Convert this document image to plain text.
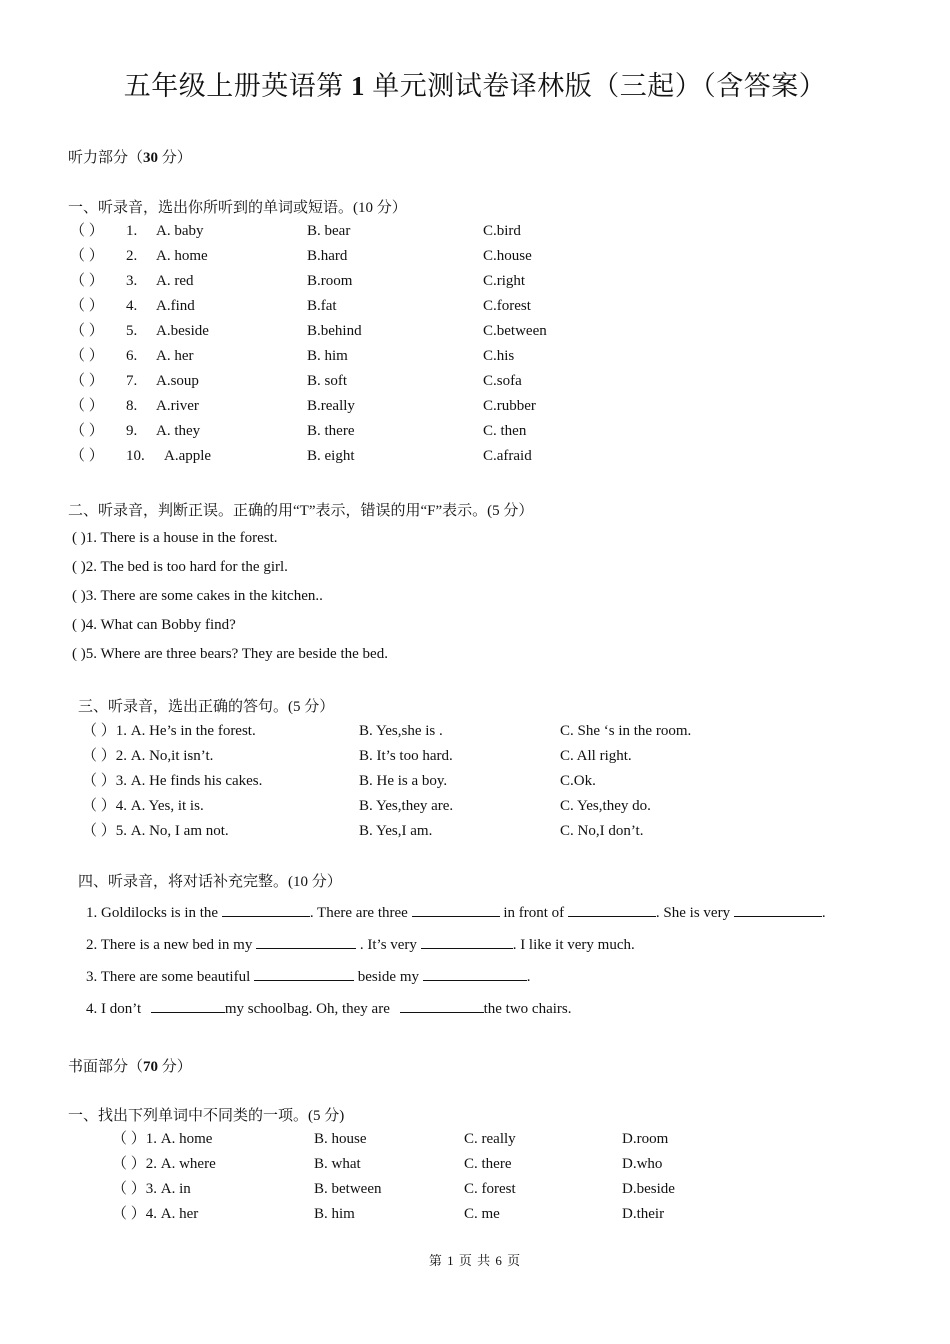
五年级上册英语第 1 单元测试卷译林版（三起）（含答案）
听力部分（30 分）
一、听录音，选出你所听到的单词或短语。(10 分）
（ ） 1. A. baby	B. bear	C.bird
（ ） 2. A. home	B.hard	C.house
（ ） 3. A. red	B.room	C.right
（ ） 4. A.find	B.fat	C.forest
（ ） 5. A.beside	B.behind	C.between
（ ） 6. A. her	B. him	C.his
（ ） 7. A.soup	B. soft	C.sofa
（ ） 8. A.river	B.really	C.rubber
（ ） 9. A. they	B. there	C. then
（ ） 10. A.apple	B. eight	C.afraid
二、听录音，判断正误。正确的用“T”表示，错误的用“F”表示。(5 分）
( )1. There is a house in the forest.
( )2. The bed is too hard for the girl.
( )3. There are some cakes in the kitchen..
( )4. What can Bobby find?
( )5. Where are three bears? They are beside the bed.
三、听录音，选出正确的答句。(5 分）
（ ）1. A. He’s in the forest.	B. Yes,she is .	C. She ‘s in the room.
（ ）2. A. No,it isn’t.	B. It’s too hard.	C. All right.
（ ）3. A. He finds his cakes.	B. He is a boy.	C.Ok.
（ ）4. A. Yes, it is.	B. Yes,they are.	C. Yes,they do.
（ ）5. A. No, I am not.	B. Yes,I am.	C. No,I don’t.
四、听录音，将对话补充完整。(10 分）
1. Goldilocks is in the	. There are three	in front of	. She is very	.
2. There is a new bed in my	. It’s very	. I like it very much.
3. There are some beautiful	beside my	.
4. I don’t	my schoolbag. Oh, they are	the two chairs.
书面部分（70 分）
一、找出下列单词中不同类的一项。(5 分)
（ ）1. A. home	B. house	C. really	D.room
（ ）2. A. where	B. what	C. there	D.who
（ ）3. A. in	B. between	C. forest	D.beside
（ ）4. A. her	B. him	C. me	D.their
第 1 页 共 6 页
